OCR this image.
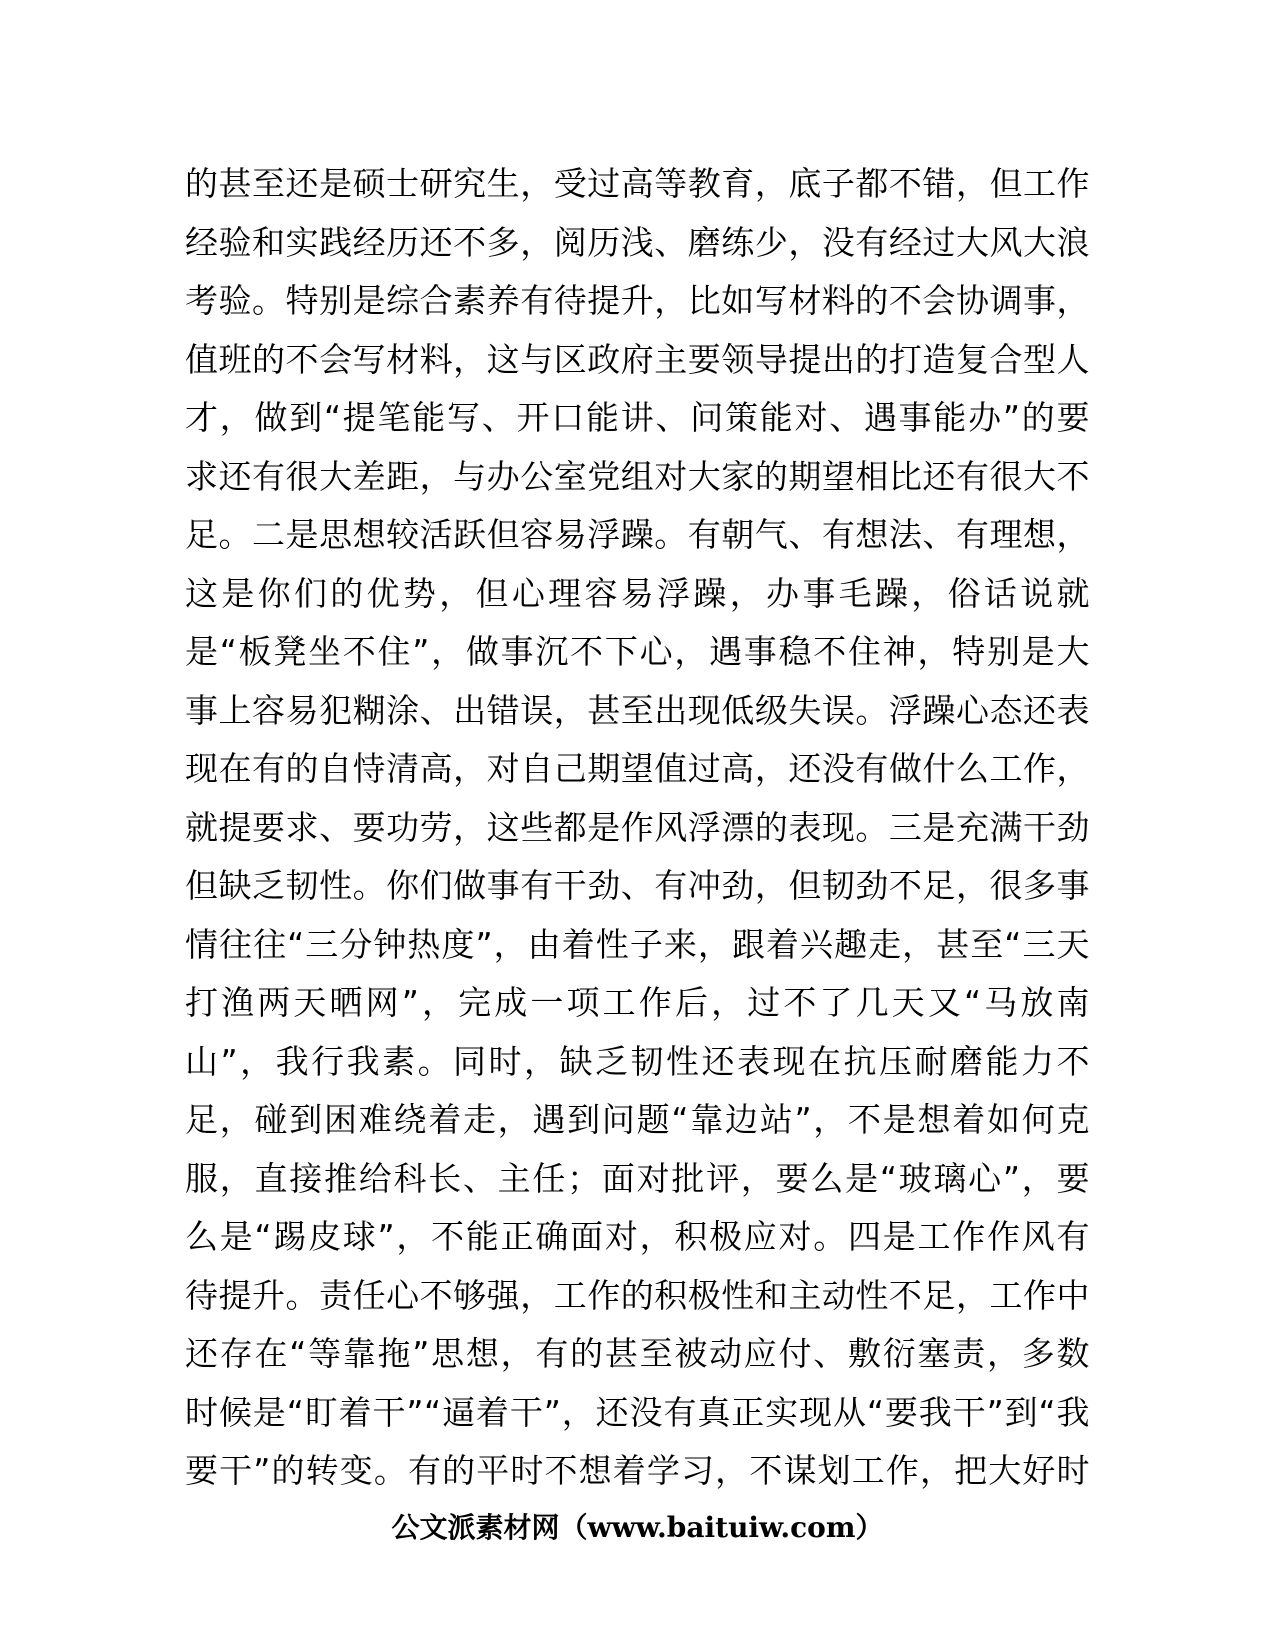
的甚至还是硕士研究生，受过高等教育，底子都不错，但工作
经验和实践经历还不多，阅历浅、磨练少，没有经过大风大浪
考验。特别是综合素养有待提升，比如写材料的不会协调事，
值班的不会写材料，这与区政府主要领导提出的打造复合型人
才，做到“提笔能写、开口能讲、问策能对、遇事能办”的要
求还有很大差距，与办公室党组对大家的期望相比还有很大不
足。二是思想较活跃但容易浮躁。有朝气、有想法、有理想，
这是你们的优势，但心理容易浮躁，办事毛躁，俗话说就
是“板凳坐不住”，做事沉不下心，遇事稳不住神，特别是大
事上容易犯糊涂、出错误，甚至出现低级失误。浮躁心态还表
现在有的自恃清高，对自己期望值过高，还没有做什么工作，
就提要求、要功劳，这些都是作风浮漂的表现。三是充满干劲
但缺乏韧性。你们做事有干劲、有冲劲，但韧劲不足，很多事
情往往“三分钟热度”，由着性子来，跟着兴趣走，甚至“三天
打渔两天晒网”，完成一项工作后，过不了几天又“马放南
山”，我行我素。同时，缺乏韧性还表现在抗压耐磨能力不
足，碰到困难绕着走，遇到问题“靠边站”，不是想着如何克
服，直接推给科长、主任；面对批评，要么是“玻璃心”，要
么是“踢皮球”，不能正确面对，积极应对。四是工作作风有
待提升。责任心不够强，工作的积极性和主动性不足，工作中
还存在“等靠拖”思想，有的甚至被动应付、敷衍塞责，多数
时候是“盯着干”“逼着干”，还没有真正实现从“要我干”到“我
要干”的转变。有的平时不想着学习，不谋划工作，把大好时
公文派素材网（www.baituiw.com）
